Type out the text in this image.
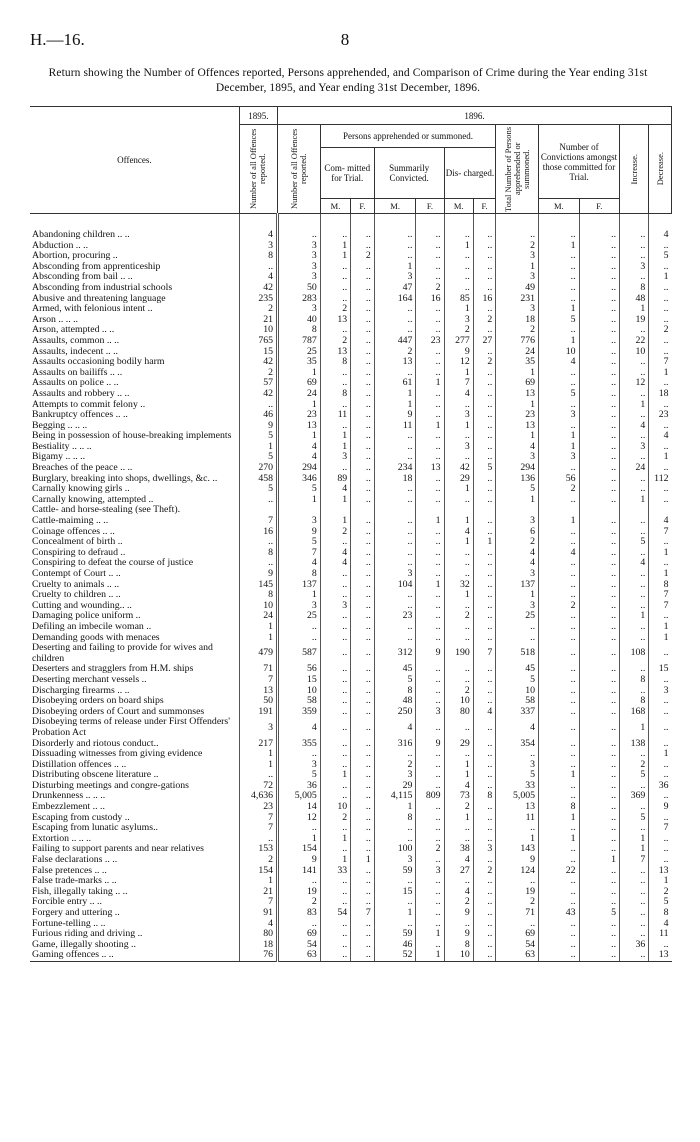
H.—16.	8
Return showing the Number of Offences reported, Persons apprehended, and Comparison of Crime during the Year ending 31st December, 1895, and Year ending 31st December, 1896.
Offences.	1895.	1896.											

	Number of all Offences reported.	Number of all Offences reported.	Persons apprehended or summoned.						Total Number of Persons apprehended or summoned.	Number of Convictions amongst those committed for Trial.		Increase.	Decrease.

			Com- mitted for Trial.		Summarily Convicted.		Dis- charged.						
			M.	F.	M.	F.	M.	F.		M.	F.		
Abandoning children .. ..	4	..	..	..	..	..	..	..	..	..	..	..	4
Abduction .. ..	3	3	1	..	..	..	1	..	2	1	..	..	..
Abortion, procuring ..	8	3	1	2	..	..	..	..	3	..	..	..	5
Absconding from apprenticeship	..	3	..	..	1	..	..	..	1	..	..	3	..
Absconding from bail .. ..	4	3	..	..	3	..	..	..	3	..	..	..	1
Absconding from industrial schools	42	50	..	..	47	2	..	..	49	..	..	8	..
Abusive and threatening language	235	283	..	..	164	16	85	16	231	..	..	48	..
Armed, with felonious intent ..	2	3	2	..	..	..	1	..	3	1	..	1	..
Arson .. .. ..	21	40	13	..	..	..	3	2	18	5	..	19	..
Arson, attempted .. ..	10	8	..	..	..	..	2	..	2	..	..	..	2
Assaults, common .. ..	765	787	2	..	447	23	277	27	776	1	..	22	..
Assaults, indecent .. ..	15	25	13	..	2	..	9	..	24	10	..	10	..
Assaults occasioning bodily harm	42	35	8	..	13	..	12	2	35	4	..	..	7
Assaults on bailiffs .. ..	2	1	..	..	..	..	1	..	1	..	..	..	1
Assaults on police .. ..	57	69	..	..	61	1	7	..	69	..	..	12	..
Assaults and robbery .. ..	42	24	8	..	1	..	4	..	13	5	..	..	18
Attempts to commit felony ..	..	1	..	..	1	..	..	..	1	..	..	1	..
Bankruptcy offences .. ..	46	23	11	..	9	..	3	..	23	3	..	..	23
Begging .. .. ..	9	13	..	..	11	1	1	..	13	..	..	4	..
Being in possession of house-breaking implements	5	1	1	..	..	..	..	..	1	1	..	..	4
Bestiality .. .. ..	1	4	1	..	..	..	3	..	4	1	..	3	..
Bigamy .. .. ..	5	4	3	..	..	..	..	..	3	3	..	..	1
Breaches of the peace .. ..	270	294	..	..	234	13	42	5	294	..	..	24	..
Burglary, breaking into shops, dwellings, &c. ..	458	346	89	..	18	..	29	..	136	56	..	..	112
Carnally knowing girls ..	5	5	4	..	..	..	1	..	5	2	..	..	..
Carnally knowing, attempted ..	..	1	1	..	..	..	..	..	1	..	..	1	..
Cattle- and horse-stealing (see Theft).													
Cattle-maiming .. ..	7	3	1	..	..	1	1	..	3	1	..	..	4
Coinage offences .. ..	16	9	2	..	..	..	4	..	6	..	..	..	7
Concealment of birth ..	..	5	..	..	..	..	1	1	2	..	..	5	..
Conspiring to defraud ..	8	7	4	..	..	..	..	..	4	4	..	..	1
Conspiring to defeat the course of justice	..	4	4	..	..	..	..	..	4	..	..	4	..
Contempt of Court .. ..	9	8	..	..	3	..	..	..	3	..	..	..	1
Cruelty to animals .. ..	145	137	..	..	104	1	32	..	137	..	..	..	8
Cruelty to children .. ..	8	1	..	..	..	..	1	..	1	..	..	..	7
Cutting and wounding.. ..	10	3	3	..	..	..	..	..	3	2	..	..	7
Damaging police uniform ..	24	25	..	..	23	..	2	..	25	..	..	1	..
Defiling an imbecile woman ..	1	..	..	..	..	..	..	..	..	..	..	..	1
Demanding goods with menaces	1	..	..	..	..	..	..	..	..	..	..	..	1
Deserting and failing to provide for wives and children	479	587	..	..	312	9	190	7	518	..	..	108	..
Deserters and stragglers from H.M. ships	71	56	..	..	45	..	..	..	45	..	..	..	15
Deserting merchant vessels ..	7	15	..	..	5	..	..	..	5	..	..	8	..
Discharging firearms .. ..	13	10	..	..	8	..	2	..	10	..	..	..	3
Disobeying orders on board ships	50	58	..	..	48	..	10	..	58	..	..	8	..
Disobeying orders of Court and summonses	191	359	..	..	250	3	80	4	337	..	..	168	..
Disobeying terms of release under First Offenders' Probation Act	3	4	..	..	4	..	..	..	4	..	..	1	..
Disorderly and riotous conduct..	217	355	..	..	316	9	29	..	354	..	..	138	..
Dissuading witnesses from giving evidence	1	..	..	..	..	..	..	..	..	..	..	..	1
Distillation offences .. ..	1	3	..	..	2	..	1	..	3	..	..	2	..
Distributing obscene literature ..	..	5	1	..	3	..	1	..	5	1	..	5	..
Disturbing meetings and congre-gations	72	36	..	..	29	..	4	..	33	..	..	..	36
Drunkenness .. .. ..	4,636	5,005	..	..	4,115	809	73	8	5,005	..	..	369	..
Embezzlement .. ..	23	14	10	..	1	..	2	..	13	8	..	..	9
Escaping from custody ..	7	12	2	..	8	..	1	..	11	1	..	5	..
Escaping from lunatic asylums..	7	..	..	..	..	..	..	..	..	..	..	..	7
Extortion .. .. ..	..	1	1	..	..	..	..	..	1	1	..	1	..
Failing to support parents and near relatives	153	154	..	..	100	2	38	3	143	..	..	1	..
False declarations .. ..	2	9	1	1	3	..	4	..	9	..	1	7	..
False pretences .. ..	154	141	33	..	59	3	27	2	124	22	..	..	13
False trade-marks .. ..	1	..	..	..	..	..	..	..	..	..	..	..	1
Fish, illegally taking .. ..	21	19	..	..	15	..	4	..	19	..	..	..	2
Forcible entry .. ..	7	2	..	..	..	..	2	..	2	..	..	..	5
Forgery and uttering ..	91	83	54	7	1	..	9	..	71	43	5	..	8
Fortune-telling .. ..	4	..	..	..	..	..	..	..	..	..	..	..	4
Furious riding and driving ..	80	69	..	..	59	1	9	..	69	..	..	..	11
Game, illegally shooting ..	18	54	..	..	46	..	8	..	54	..	..	36	..
Gaming offences .. ..	76	63	..	..	52	1	10	..	63	..	..	..	13
